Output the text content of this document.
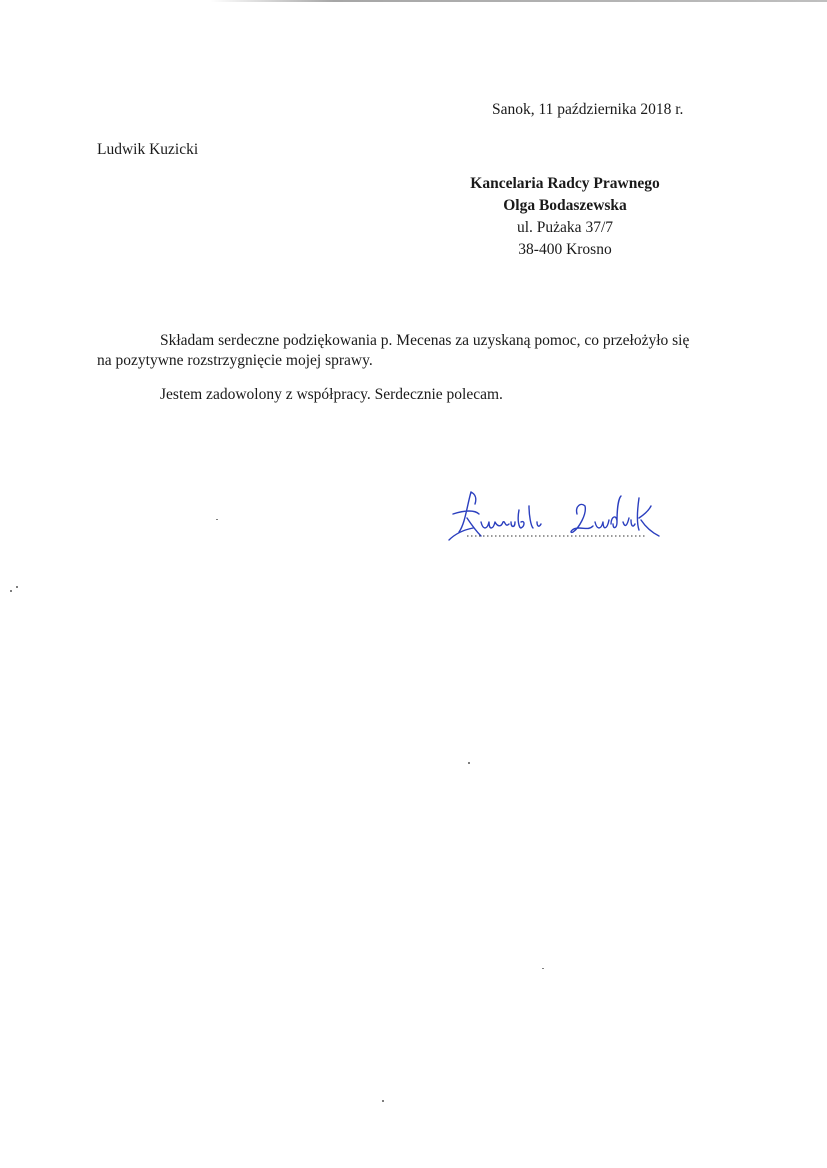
Sanok, 11 października 2018 r.
Ludwik Kuzicki
Kancelaria Radcy Prawnego
Olga Bodaszewska
ul. Pużaka 37/7
38-400 Krosno
Składam serdeczne podziękowania p. Mecenas za uzyskaną pomoc, co przełożyło się
na pozytywne rozstrzygnięcie mojej sprawy.
Jestem zadowolony z współpracy. Serdecznie polecam.
